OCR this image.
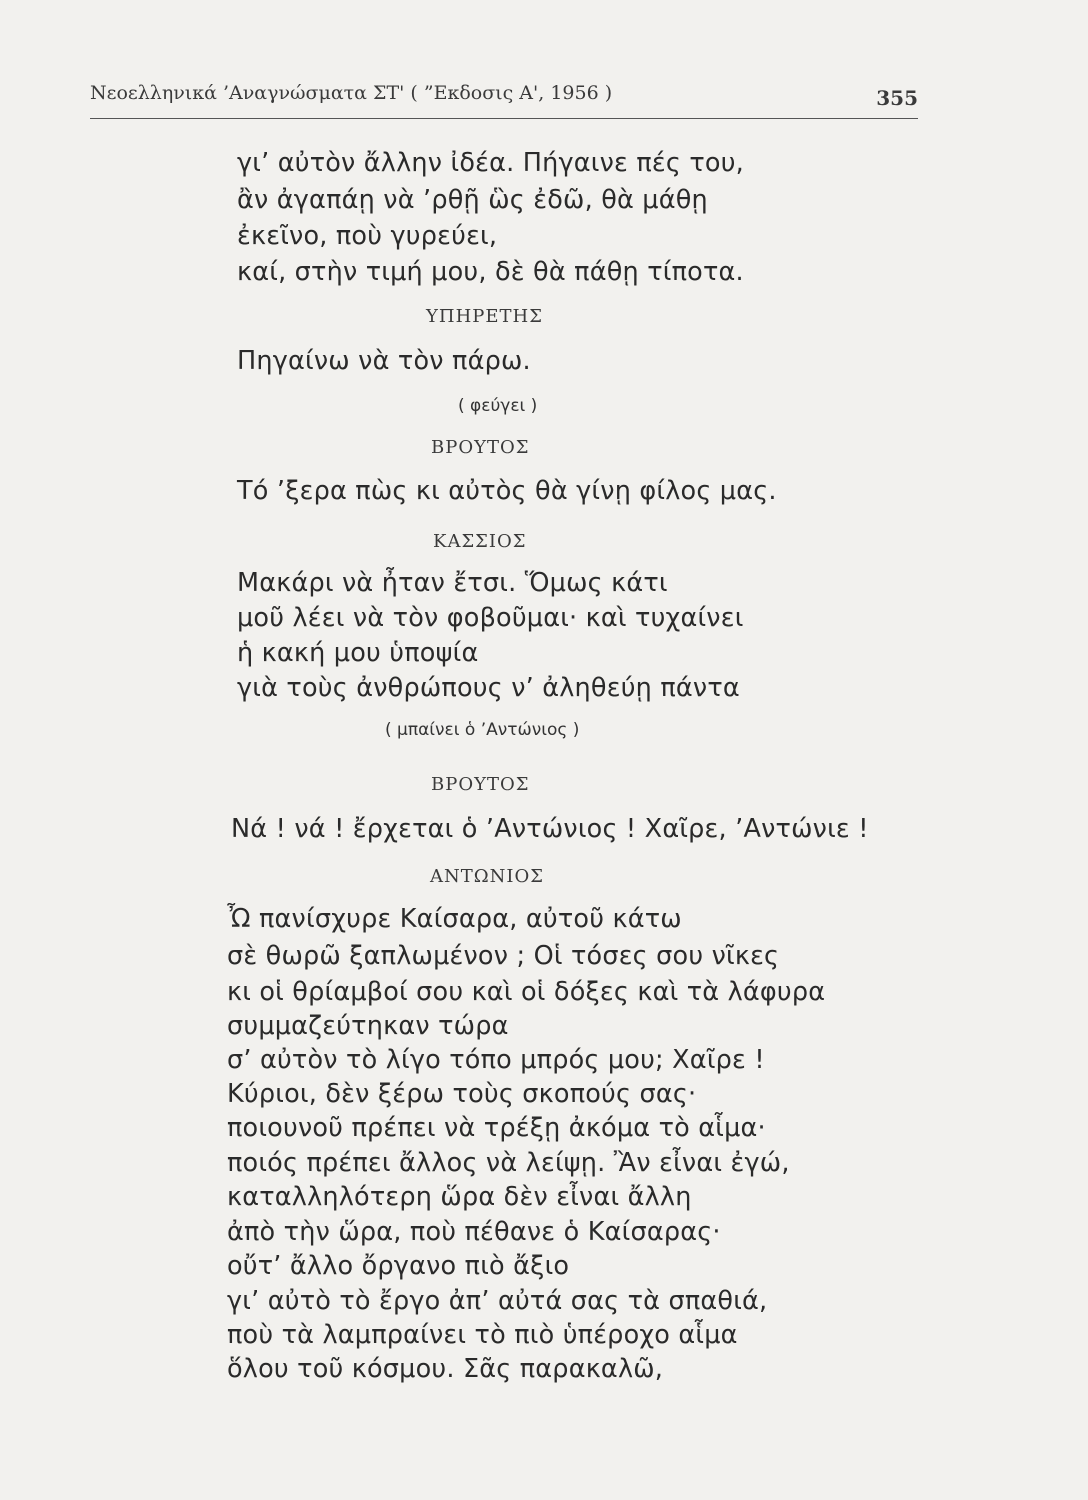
Νεοελληνικά ’Αναγνώσματα ΣΤ' ( ”Εκδοσις Α', 1956 )	355
γι’ αὐτὸν ἄλλην ἰδέα. Πήγαινε πές του,
ἂν ἀγαπάῃ νὰ ’ρθῇ ὣς ἐδῶ, θὰ μάθῃ
ἐκεῖνο, ποὺ γυρεύει,
καί, στὴν τιμή μου, δὲ θὰ πάθῃ τίποτα.
ΥΠΗΡΕΤΗΣ
Πηγαίνω νὰ τὸν πάρω.
( φεύγει )
ΒΡΟΥΤΟΣ
Τό ’ξερα πὼς κι αὐτὸς θὰ γίνῃ φίλος μας.
ΚΑΣΣΙΟΣ
Μακάρι νὰ ἦταν ἔτσι. Ὅμως κάτι
μοῦ λέει νὰ τὸν φοβοῦμαι· καὶ τυχαίνει
ἡ κακή μου ὑποψία
γιὰ τοὺς ἀνθρώπους ν’ ἀληθεύῃ πάντα
( μπαίνει ὁ ’Αντώνιος )
ΒΡΟΥΤΟΣ
Νά ! νά ! ἔρχεται ὁ ’Αντώνιος ! Χαῖρε, ’Αντώνιε !
ΑΝΤΩΝΙΟΣ
Ὦ πανίσχυρε Καίσαρα, αὐτοῦ κάτω
σὲ θωρῶ ξαπλωμένον ; Οἱ τόσες σου νῖκες
κι οἱ θρίαμβοί σου καὶ οἱ δόξες καὶ τὰ λάφυρα
συμμαζεύτηκαν τώρα
σ’ αὐτὸν τὸ λίγο τόπο μπρός μου; Χαῖρε !
Κύριοι, δὲν ξέρω τοὺς σκοπούς σας·
ποιουνοῦ πρέπει νὰ τρέξῃ ἀκόμα τὸ αἷμα·
ποιός πρέπει ἄλλος νὰ λείψῃ. Ἂν εἶναι ἐγώ,
καταλληλότερη ὥρα δὲν εἶναι ἄλλη
ἀπὸ τὴν ὥρα, ποὺ πέθανε ὁ Καίσαρας·
οὔτ’ ἄλλο ὄργανο πιὸ ἄξιο
γι’ αὐτὸ τὸ ἔργο ἀπ’ αὐτά σας τὰ σπαθιά,
ποὺ τὰ λαμπραίνει τὸ πιὸ ὑπέροχο αἷμα
ὅλου τοῦ κόσμου. Σᾶς παρακαλῶ,
